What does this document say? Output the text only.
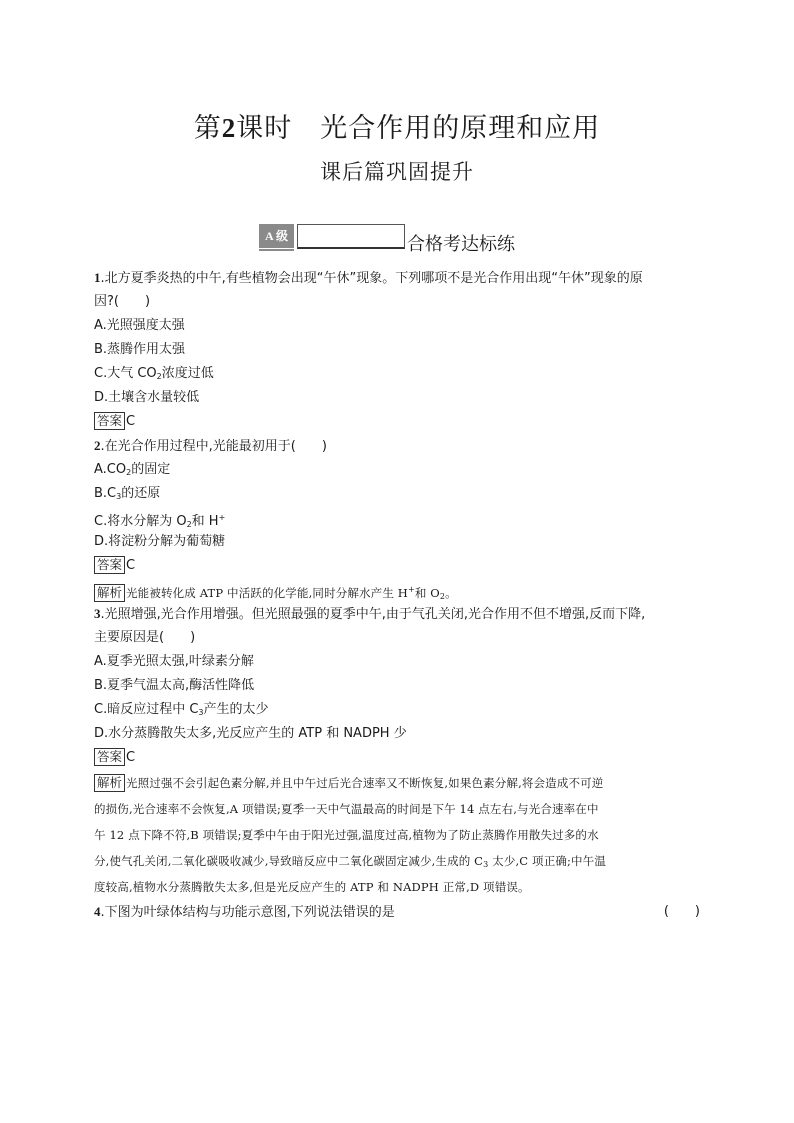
第2课时　光合作用的原理和应用
课后篇巩固提升
A 级	合格考达标练
1.北方夏季炎热的中午,有些植物会出现“午休”现象。下列哪项不是光合作用出现“午休”现象的原
因?(　　)
A.光照强度太强
B.蒸腾作用太强
C.大气 $CO_2$浓度过低
D.土壤含水量较低
答案 C
2.在光合作用过程中,光能最初用于(　　)
$A.CO_2$的固定
$B.C_3$的还原
C.将水分解为 $O_2$和 H+
D.将淀粉分解为葡萄糖
答案 C
解析 光能被转化成 ATP 中活跃的化学能,同时分解水产生 H+和 $O_2$。
3.光照增强,光合作用增强。但光照最强的夏季中午,由于气孔关闭,光合作用不但不增强,反而下降,
主要原因是(　　)
A.夏季光照太强,叶绿素分解
B.夏季气温太高,酶活性降低
C.暗反应过程中 $C_3$产生的太少
D.水分蒸腾散失太多,光反应产生的 ATP 和 NADPH 少
答案 C
解析 光照过强不会引起色素分解,并且中午过后光合速率又不断恢复,如果色素分解,将会造成不可逆
的损伤,光合速率不会恢复,A 项错误;夏季一天中气温最高的时间是下午 14 点左右,与光合速率在中
午 12 点下降不符,B 项错误;夏季中午由于阳光过强,温度过高,植物为了防止蒸腾作用散失过多的水
分,使气孔关闭,二氧化碳吸收减少,导致暗反应中二氧化碳固定减少,生成的 $C_3$ 太少,C 项正确;中午温
度较高,植物水分蒸腾散失太多,但是光反应产生的 ATP 和 NADPH 正常,D 项错误。
4.下图为叶绿体结构与功能示意图,下列说法错误的是	(　　)
